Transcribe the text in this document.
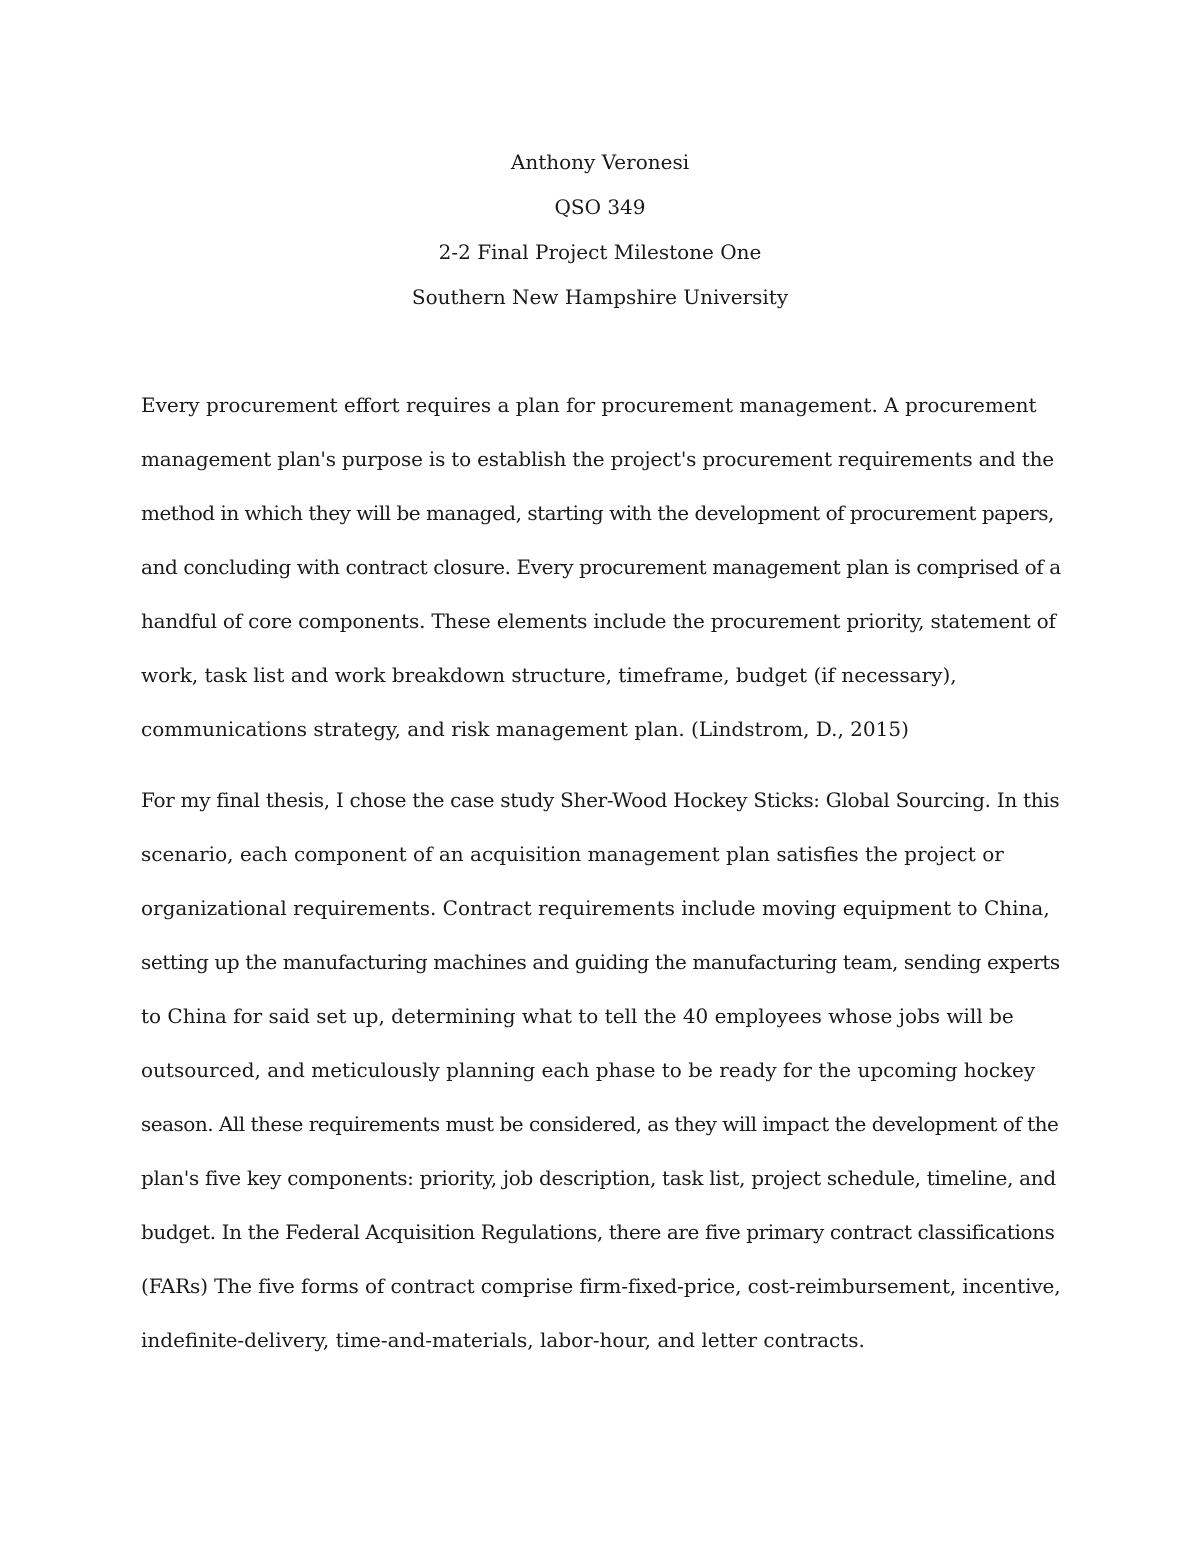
Anthony Veronesi
QSO 349
2-2 Final Project Milestone One
Southern New Hampshire University
Every procurement effort requires a plan for procurement management. A procurement
management plan's purpose is to establish the project's procurement requirements and the
method in which they will be managed, starting with the development of procurement papers,
and concluding with contract closure. Every procurement management plan is comprised of a
handful of core components. These elements include the procurement priority, statement of
work, task list and work breakdown structure, timeframe, budget (if necessary),
communications strategy, and risk management plan. (Lindstrom, D., 2015)
For my final thesis, I chose the case study Sher-Wood Hockey Sticks: Global Sourcing. In this
scenario, each component of an acquisition management plan satisfies the project or
organizational requirements. Contract requirements include moving equipment to China,
setting up the manufacturing machines and guiding the manufacturing team, sending experts
to China for said set up, determining what to tell the 40 employees whose jobs will be
outsourced, and meticulously planning each phase to be ready for the upcoming hockey
season. All these requirements must be considered, as they will impact the development of the
plan's five key components: priority, job description, task list, project schedule, timeline, and
budget. In the Federal Acquisition Regulations, there are five primary contract classifications
(FARs) The five forms of contract comprise firm-fixed-price, cost-reimbursement, incentive,
indefinite-delivery, time-and-materials, labor-hour, and letter contracts.
